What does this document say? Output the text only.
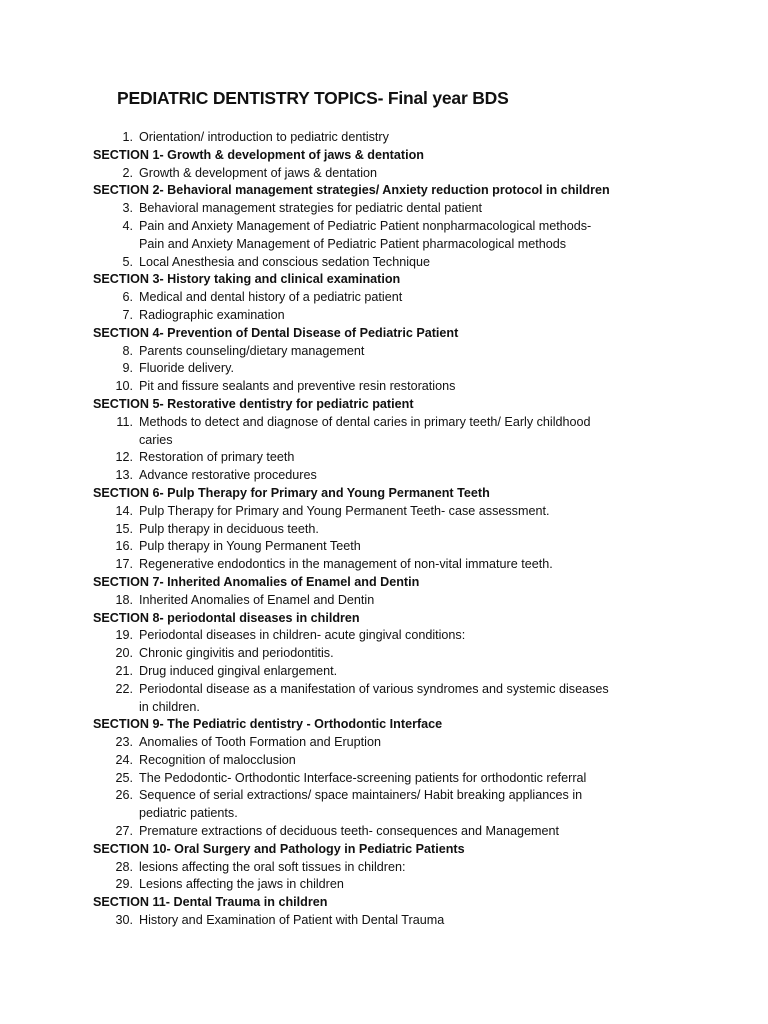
PEDIATRIC DENTISTRY TOPICS- Final year BDS
1. Orientation/ introduction to pediatric dentistry
SECTION 1- Growth & development of jaws & dentation
2. Growth & development of jaws & dentation
SECTION 2- Behavioral management strategies/ Anxiety reduction protocol in children
3. Behavioral management strategies for pediatric dental patient
4. Pain and Anxiety Management of Pediatric Patient nonpharmacological methods-
Pain and Anxiety Management of Pediatric Patient pharmacological methods
5. Local Anesthesia and conscious sedation Technique
SECTION 3- History taking and clinical examination
6. Medical and dental history of a pediatric patient
7. Radiographic examination
SECTION 4- Prevention of Dental Disease of Pediatric Patient
8. Parents counseling/dietary management
9. Fluoride delivery.
10. Pit and fissure sealants and preventive resin restorations
SECTION 5- Restorative dentistry for pediatric patient
11. Methods to detect and diagnose of dental caries in primary teeth/ Early childhood
caries
12. Restoration of primary teeth
13. Advance restorative procedures
SECTION 6- Pulp Therapy for Primary and Young Permanent Teeth
14. Pulp Therapy for Primary and Young Permanent Teeth- case assessment.
15. Pulp therapy in deciduous teeth.
16. Pulp therapy in Young Permanent Teeth
17. Regenerative endodontics in the management of non-vital immature teeth.
SECTION 7- Inherited Anomalies of Enamel and Dentin
18. Inherited Anomalies of Enamel and Dentin
SECTION 8- periodontal diseases in children
19. Periodontal diseases in children- acute gingival conditions:
20. Chronic gingivitis and periodontitis.
21. Drug induced gingival enlargement.
22. Periodontal disease as a manifestation of various syndromes and systemic diseases
in children.
SECTION 9- The Pediatric dentistry - Orthodontic Interface
23. Anomalies of Tooth Formation and Eruption
24. Recognition of malocclusion
25. The Pedodontic- Orthodontic Interface-screening patients for orthodontic referral
26. Sequence of serial extractions/ space maintainers/ Habit breaking appliances in
pediatric patients.
27. Premature extractions of deciduous teeth- consequences and Management
SECTION 10- Oral Surgery and Pathology in Pediatric Patients
28. lesions affecting the oral soft tissues in children:
29. Lesions affecting the jaws in children
SECTION 11- Dental Trauma in children
30. History and Examination of Patient with Dental Trauma
